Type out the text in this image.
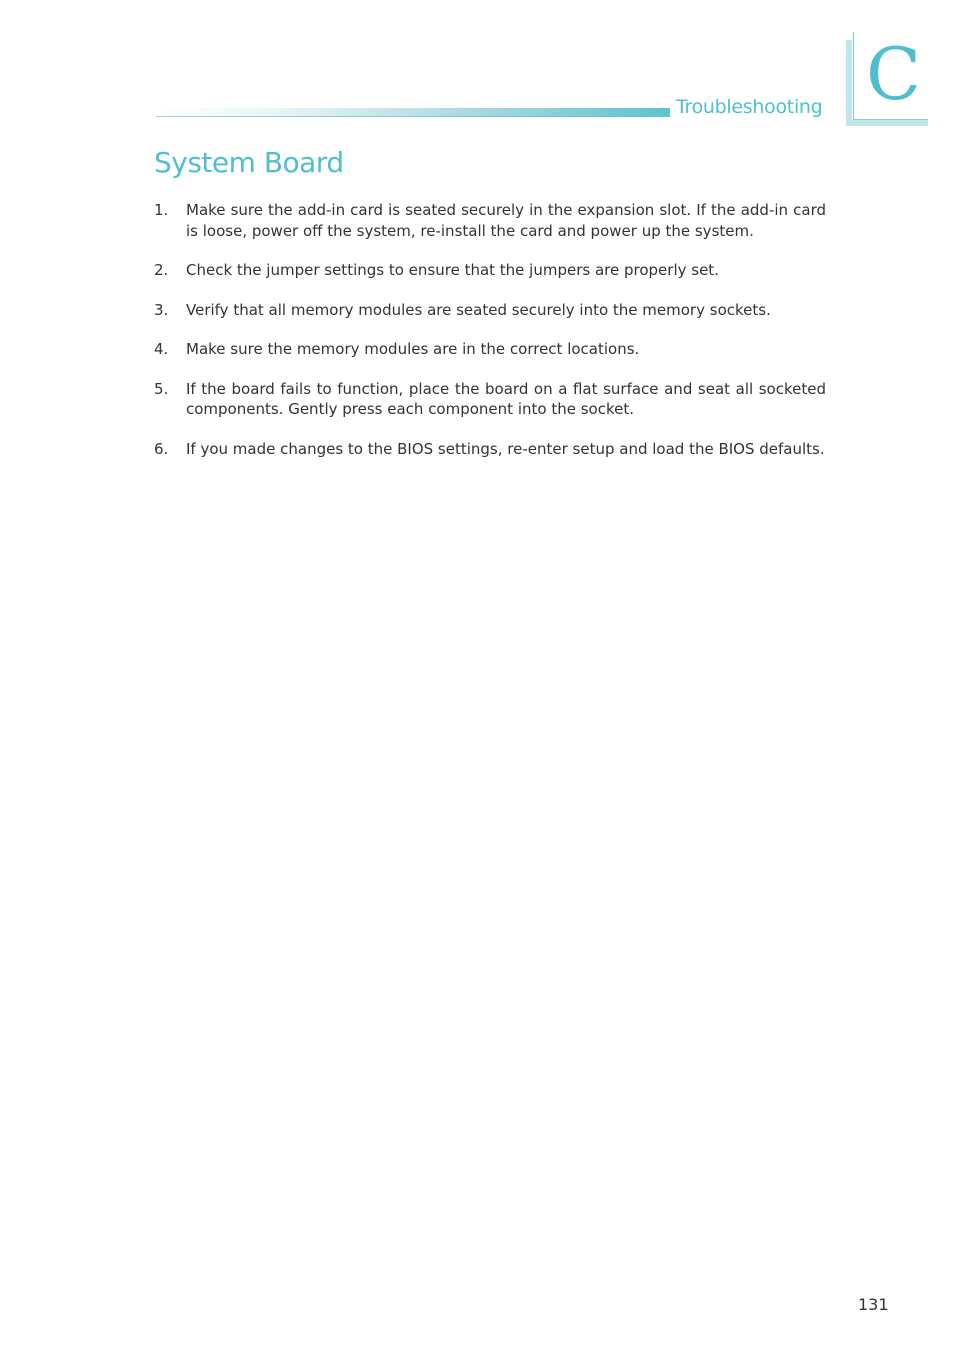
Troubleshooting C
System Board
1. Make sure the add-in card is seated securely in the expansion slot. If the add-in card is loose, power off the system, re-install the card and power up the system.
2. Check the jumper settings to ensure that the jumpers are properly set.
3. Verify that all memory modules are seated securely into the memory sockets.
4. Make sure the memory modules are in the correct locations.
5. If the board fails to function, place the board on a flat surface and seat all socketed components. Gently press each component into the socket.
6. If you made changes to the BIOS settings, re-enter setup and load the BIOS defaults.
131
